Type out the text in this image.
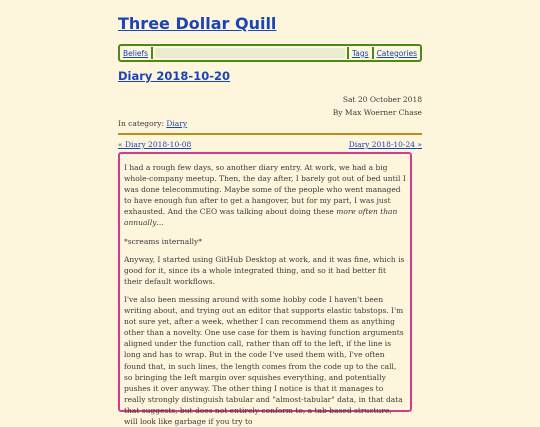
Three Dollar Quill
Beliefs	Tags	Categories
Diary 2018-10-20
Sat 20 October 2018
By Max Woerner Chase
In category: Diary
« Diary 2018-10-08	Diary 2018-10-24 »

I had a rough few days, so another diary entry. At work, we had a big whole-company meetup. Then, the day after, I barely got out of bed until I was done telecommuting. Maybe some of the people who went managed to have enough fun after to get a hangover, but for my part, I was just exhausted. And the CEO was talking about doing these more often than annually...

*screams internally*

Anyway, I started using GitHub Desktop at work, and it was fine, which is good for it, since its a whole integrated thing, and so it had better fit their default workflows.

I've also been messing around with some hobby code I haven't been writing about, and trying out an editor that supports elastic tabstops. I'm not sure yet, after a week, whether I can recommend them as anything other than a novelty. One use case for them is having function arguments aligned under the function call, rather than off to the left, if the line is long and has to wrap. But in the code I've used them with, I've often found that, in such lines, the length comes from the code up to the call, so bringing the left margin over squishes everything, and potentially pushes it over anyway. The other thing I notice is that it manages to really strongly distinguish tabular and "almost-tabular" data, in that data that suggests, but does not entirely conform to, a tab-based structure, will look like garbage if you try to
